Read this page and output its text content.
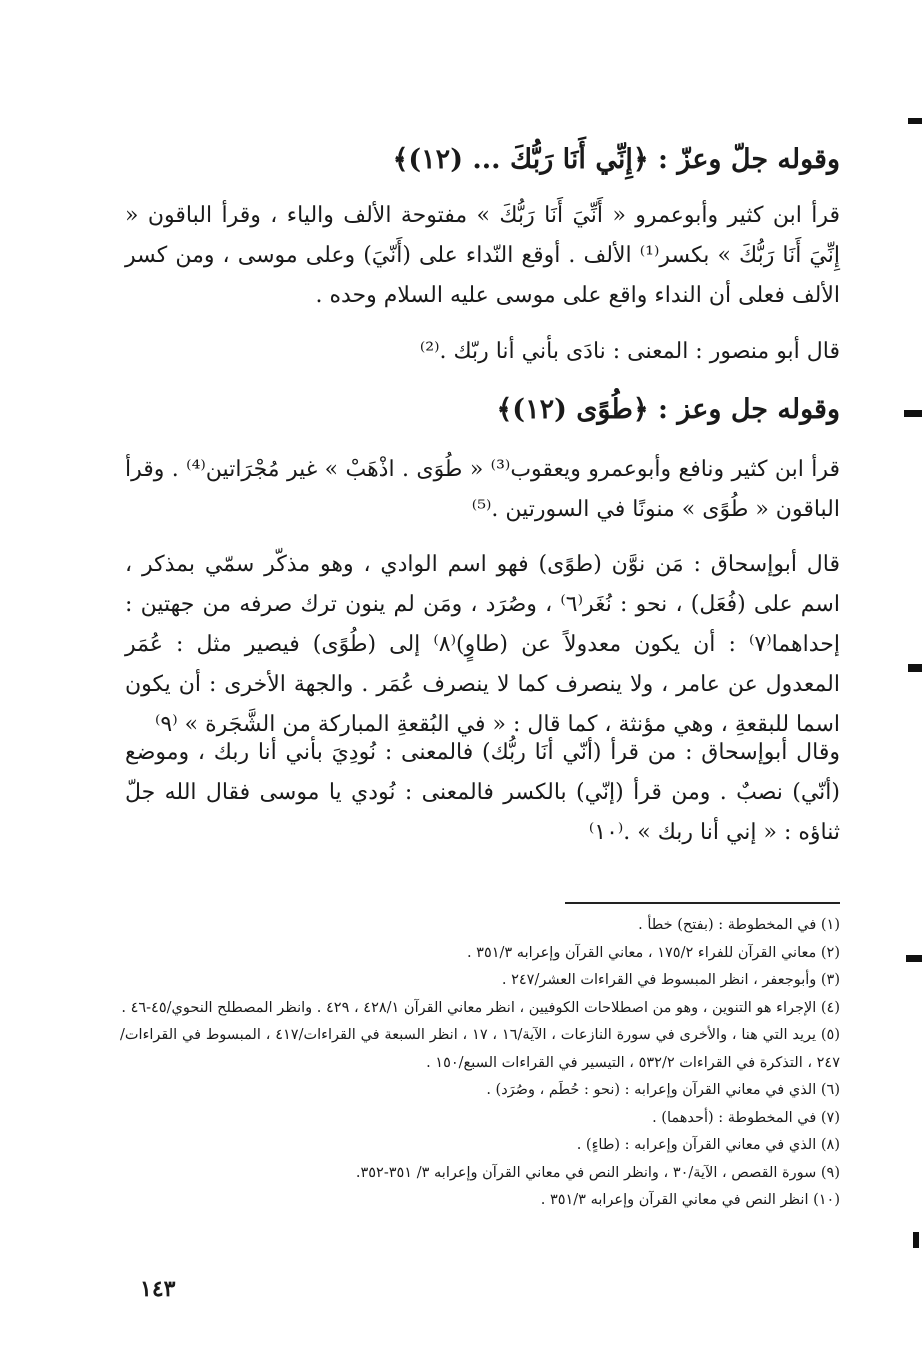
وقوله جلّ وعزّ : ﴿إِنِّي أَنَا رَبُّكَ ... (١٢)﴾

قرأ ابن كثير وأبوعمرو « أَنِّيَ أَنَا رَبُّكَ » مفتوحة الألف والياء ، وقرأ الباقون « إِنِّيَ أَنَا رَبُّكَ » بكسر⁽¹⁾ الألف . أوقع النّداء على (أَنّيَ) وعلى موسى ، ومن كسر الألف فعلى أن النداء واقع على موسى عليه السلام وحده .

قال أبو منصور : المعنى : نادَى بأني أنا ربّك .⁽²⁾

وقوله جل وعز : ﴿طُوًى (١٢)﴾

قرأ ابن كثير ونافع وأبوعمرو ويعقوب⁽³⁾ « طُوَى . اذْهَبْ » غير مُجْرَاتين⁽⁴⁾ . وقرأ الباقون « طُوًى » منونًا في السورتين .⁽⁵⁾

قال أبوإسحاق : مَن نوَّن (طوًى) فهو اسم الوادي ، وهو مذكّر سمّي بمذكر ، اسم على (فُعَل) ، نحو : نُغَر⁽٦⁾ ، وصُرَد ، ومَن لم ينون ترك صرفه من جهتين : إحداهما⁽٧⁾ : أن يكون معدولاً عن (طاوٍ)⁽٨⁾ إلى (طُوًى) فيصير مثل : عُمَر المعدول عن عامر ، ولا ينصرف كما لا ينصرف عُمَر . والجهة الأخرى : أن يكون اسما للبقعةِ ، وهي مؤنثة ، كما قال : « في البُقعةِ المباركة من الشَّجَرة » ⁽٩⁾

وقال أبوإسحاق : من قرأ (أنّي أنَا ربُّك) فالمعنى : نُودِيَ بأني أنا ربك ، وموضع (أنّي) نصبٌ . ومن قرأ (إنّي) بالكسر فالمعنى : نُودي يا موسى فقال الله جلّ ثناؤه : « إني أنا ربك » .⁽١٠⁾

(١) في المخطوطة : (بفتح) خطأ .
(٢) معاني القرآن للفراء ١٧٥/٢ ، معاني القرآن وإعرابه ٣٥١/٣ .
(٣) وأبوجعفر ، انظر المبسوط في القراءات العشر/٢٤٧ .
(٤) الإجراء هو التنوين ، وهو من اصطلاحات الكوفيين ، انظر معاني القرآن ٤٢٨/١ ، ٤٢٩ . وانظر المصطلح النحوي/٤٥-٤٦ .
(٥) يريد التي هنا ، والأخرى في سورة النازعات ، الآية/١٦ ، ١٧ ، انظر السبعة في القراءات/٤١٧ ، المبسوط في القراءات/٢٤٧ ، التذكرة في القراءات ٥٣٢/٢ ، التيسير في القراءات السبع/١٥٠ .
(٦) الذي في معاني القرآن وإعرابه : (نحو : حُطَم ، وصُرَد) .
(٧) في المخطوطة : (أحدهما) .
(٨) الذي في معاني القرآن وإعرابه : (طاءٍ) .
(٩) سورة القصص ، الآية/٣٠ ، وانظر النص في معاني القرآن وإعرابه ٣/ ٣٥١-٣٥٢.
(١٠) انظر النص في معاني القرآن وإعرابه ٣٥١/٣ .
١٤٣
